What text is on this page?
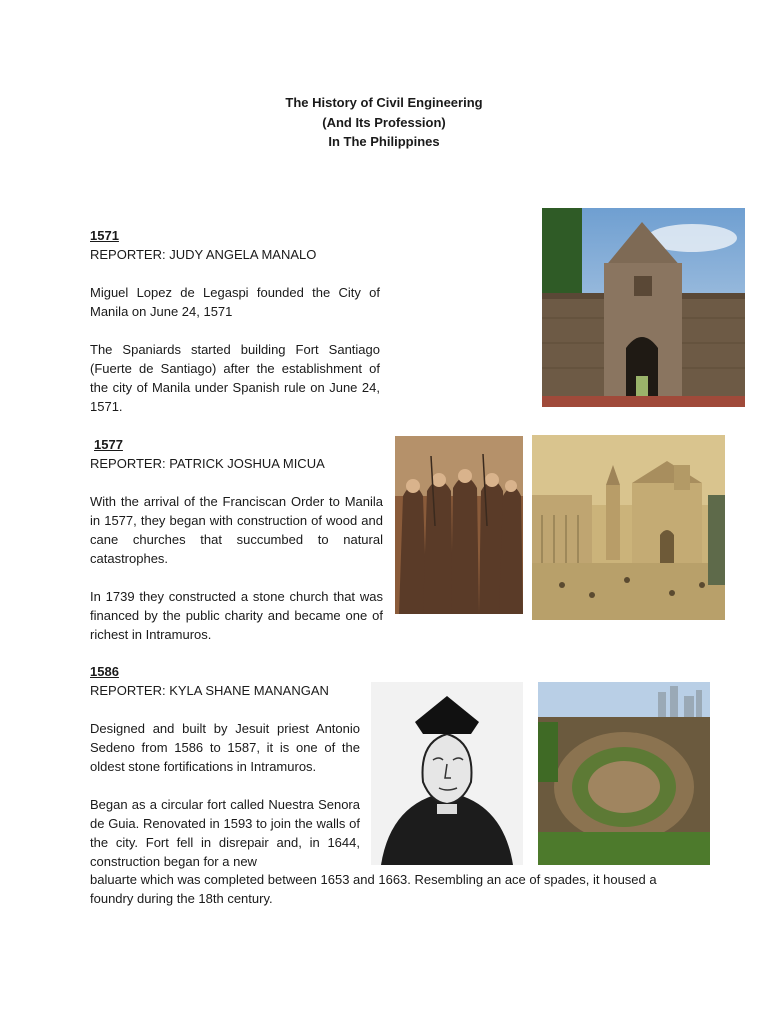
The History of Civil Engineering
(And Its Profession)
In The Philippines
1571
REPORTER: JUDY ANGELA MANALO

Miguel Lopez de Legaspi founded the City of Manila on June 24, 1571

The Spaniards started building Fort Santiago (Fuerte de Santiago) after the establishment of the city of Manila under Spanish rule on June 24, 1571.

1577
REPORTER: PATRICK JOSHUA MICUA

With the arrival of the Franciscan Order to Manila in 1577, they began with construction of wood and cane churches that succumbed to natural catastrophes.

In 1739 they constructed a stone church that was financed by the public charity and became one of richest in Intramuros.

1586
REPORTER: KYLA SHANE MANANGAN

Designed and built by Jesuit priest Antonio Sedeno from 1586 to 1587, it is one of the oldest stone fortifications in Intramuros.

Began as a circular fort called Nuestra Senora de Guia. Renovated in 1593 to join the walls of the city. Fort fell in disrepair and, in 1644, construction began for a new

baluarte which was completed between 1653 and 1663. Resembling an ace of spades, it housed a foundry during the 18th century.
